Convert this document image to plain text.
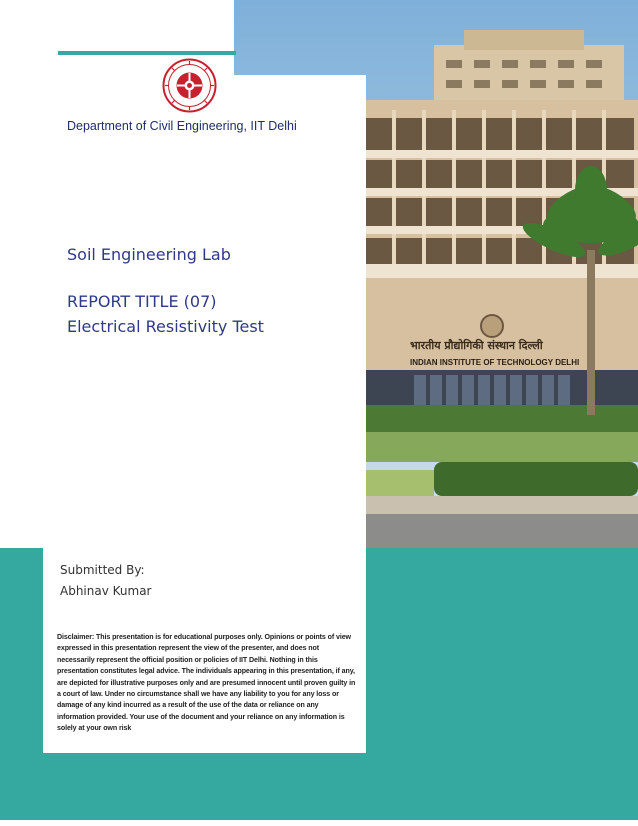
भारतीय प्रौद्योगिकी संस्थान दिल्ली
INDIAN INSTITUTE OF TECHNOLOGY DELHI
Department of Civil Engineering, IIT Delhi
Soil Engineering Lab
REPORT TITLE (07)
Electrical Resistivity Test
Submitted By:
Abhinav Kumar
Disclaimer: This presentation is for educational purposes only. Opinions or points of view expressed in this presentation represent the view of the presenter, and does not necessarily represent the official position or policies of IIT Delhi. Nothing in this presentation constitutes legal advice. The individuals appearing in this presentation, if any, are depicted for illustrative purposes only and are presumed innocent until proven guilty in a court of law. Under no circumstance shall we have any liability to you for any loss or damage of any kind incurred as a result of the use of the data or reliance on any information provided. Your use of the document and your reliance on any information is solely at your own risk
